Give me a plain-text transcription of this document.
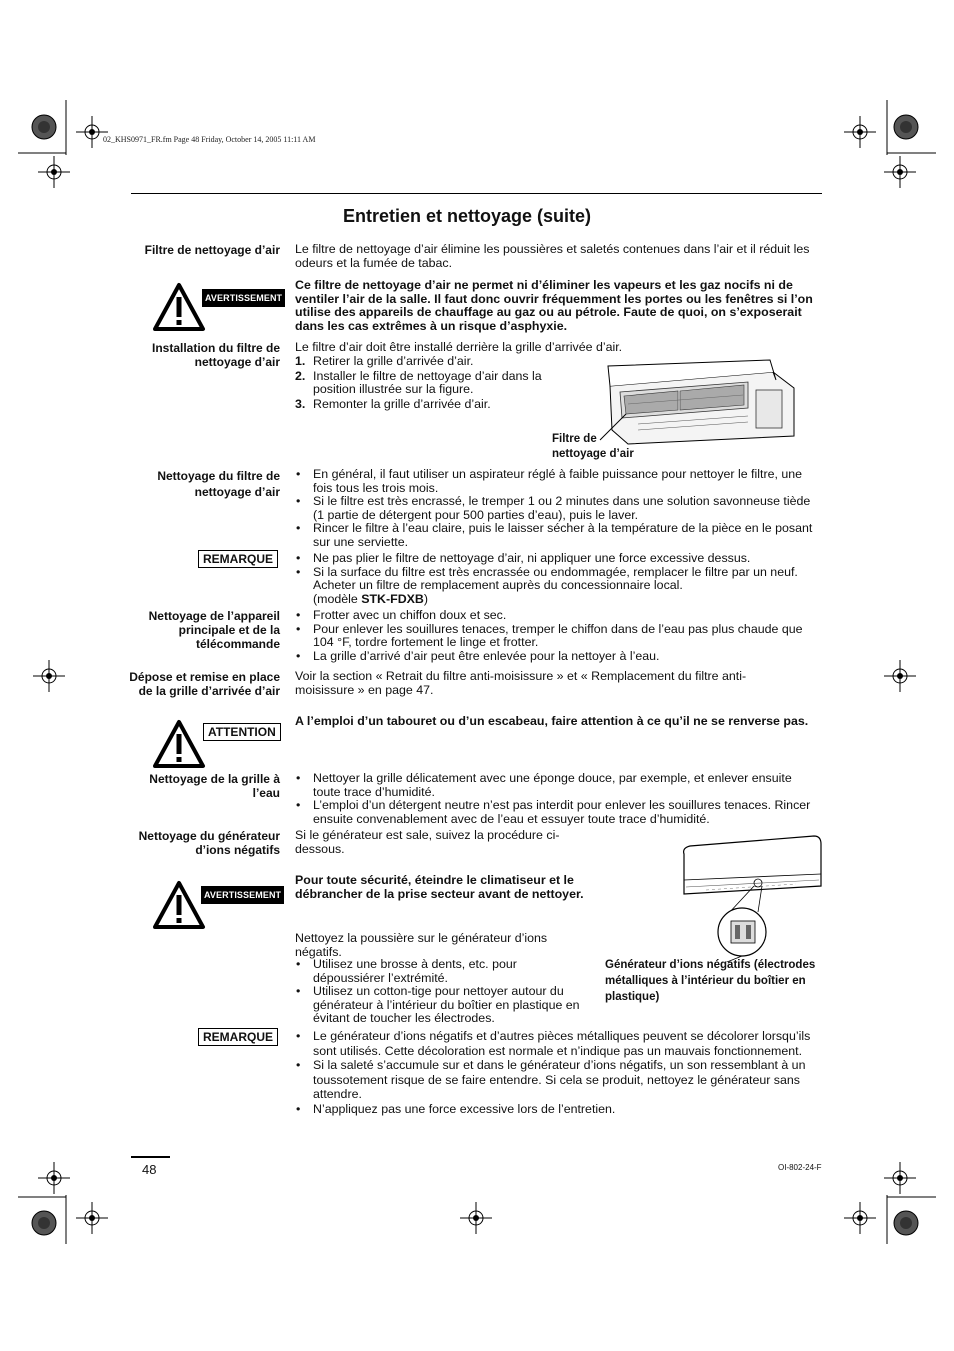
02_KHS0971_FR.fm Page 48 Friday, October 14, 2005 11:11 AM
Entretien et nettoyage (suite)
Filtre de nettoyage d’air Le filtre de nettoyage d’air élimine les poussières et saletés contenues dans l’air et il réduit les odeurs et la fumée de tabac.
AVERTISSEMENT
Ce filtre de nettoyage d’air ne permet ni d’éliminer les vapeurs et les gaz nocifs ni de ventiler l’air de la salle. Il faut donc ouvrir fréquemment les portes ou les fenêtres si l’on utilise des appareils de chauffage au gaz ou au pétrole. Faute de quoi, on s’exposerait dans les cas extrêmes à un risque d’asphyxie.
Installation du filtre de nettoyage d’air
Le filtre d’air doit être installé derrière la grille d’arrivée d’air.
1. Retirer la grille d’arrivée d’air.
2. Installer le filtre de nettoyage d’air dans la position illustrée sur la figure.
3. Remonter la grille d’arrivée d’air.
Filtre de nettoyage d’air
Nettoyage du filtre de nettoyage d’air
• En général, il faut utiliser un aspirateur réglé à faible puissance pour nettoyer le filtre, une fois tous les trois mois.
• Si le filtre est très encrassé, le tremper 1 ou 2 minutes dans une solution savonneuse tiède (1 partie de détergent pour 500 parties d’eau), puis le laver.
• Rincer le filtre à l’eau claire, puis le laisser sécher à la température de la pièce en le posant sur une serviette.
REMARQUE	• Ne pas plier le filtre de nettoyage d’air, ni appliquer une force excessive dessus.
• Si la surface du filtre est très encrassée ou endommagée, remplacer le filtre par un neuf. Acheter un filtre de remplacement auprès du concessionnaire local.
(modèle STK-FDXB)
Nettoyage de l’appareil principale et de la télécommande
• Frotter avec un chiffon doux et sec.
• Pour enlever les souillures tenaces, tremper le chiffon dans de l’eau pas plus chaude que 104 °F, tordre fortement le linge et frotter.
• La grille d’arrivé d’air peut être enlevée pour la nettoyer à l’eau.
Dépose et remise en place de la grille d’arrivée d’air
Voir la section « Retrait du filtre anti-moisissure » et « Remplacement du filtre anti-moisissure » en page 47.
ATTENTION
A l’emploi d’un tabouret ou d’un escabeau, faire attention à ce qu’il ne se renverse pas.
Nettoyage de la grille à l’eau
• Nettoyer la grille délicatement avec une éponge douce, par exemple, et enlever ensuite toute trace d’humidité.
• L’emploi d’un détergent neutre n’est pas interdit pour enlever les souillures tenaces. Rincer ensuite convenablement avec de l’eau et essuyer toute trace d’humidité.
Nettoyage du générateur d’ions négatifs
Si le générateur est sale, suivez la procédure ci-dessous.
AVERTISSEMENT
Pour toute sécurité, éteindre le climatiseur et le débrancher de la prise secteur avant de nettoyer.
Nettoyez la poussière sur le générateur d’ions négatifs.
• Utilisez une brosse à dents, etc. pour dépoussiérer l’extrémité.
• Utilisez un cotton-tige pour nettoyer autour du générateur à l’intérieur du boîtier en plastique en évitant de toucher les électrodes.
Générateur d’ions négatifs (électrodes métalliques à l’intérieur du boîtier en plastique)
REMARQUE	• Le générateur d’ions négatifs et d’autres pièces métalliques peuvent se décolorer lorsqu’ils sont utilisés. Cette décoloration est normale et n’indique pas un mauvais fonctionnement.
• Si la saleté s’accumule sur et dans le générateur d’ions négatifs, un son ressemblant à un toussotement risque de se faire entendre. Si cela se produit, nettoyez le générateur sans attendre.
• N’appliquez pas une force excessive lors de l’entretien.
48	OI-802-24-F
